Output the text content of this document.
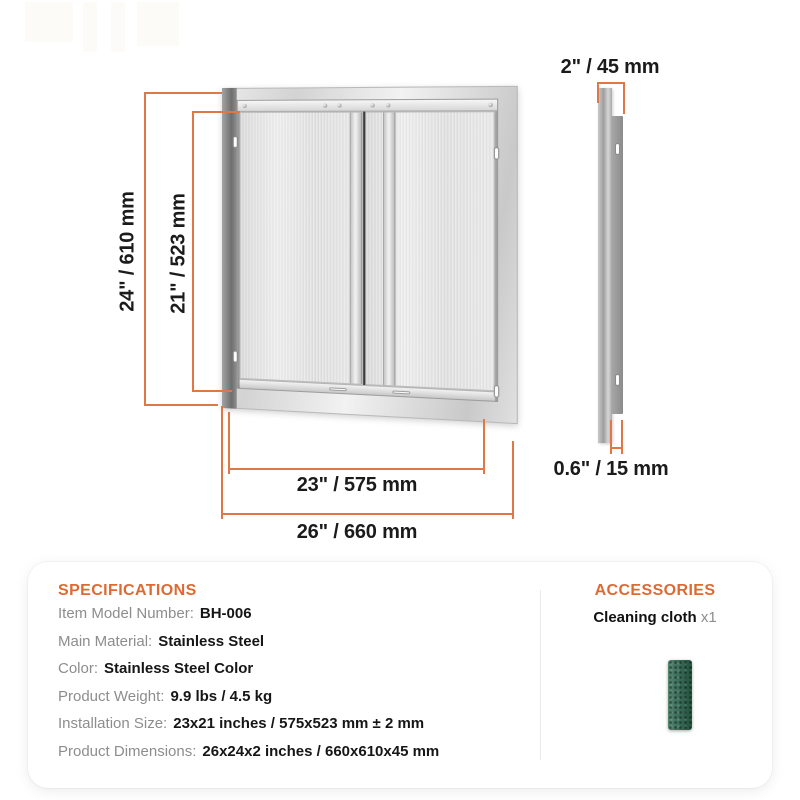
24" / 610 mm 21" / 523 mm
23" / 575 mm
26" / 660 mm
2" / 45 mm
0.6" / 15 mm
SPECIFICATIONS
Item Model Number: BH-006
Main Material: Stainless Steel
Color: Stainless Steel Color
Product Weight: 9.9 lbs / 4.5 kg
Installation Size: 23x21 inches / 575x523 mm ± 2 mm
Product Dimensions: 26x24x2 inches / 660x610x45 mm
ACCESSORIES
Cleaning cloth x1
